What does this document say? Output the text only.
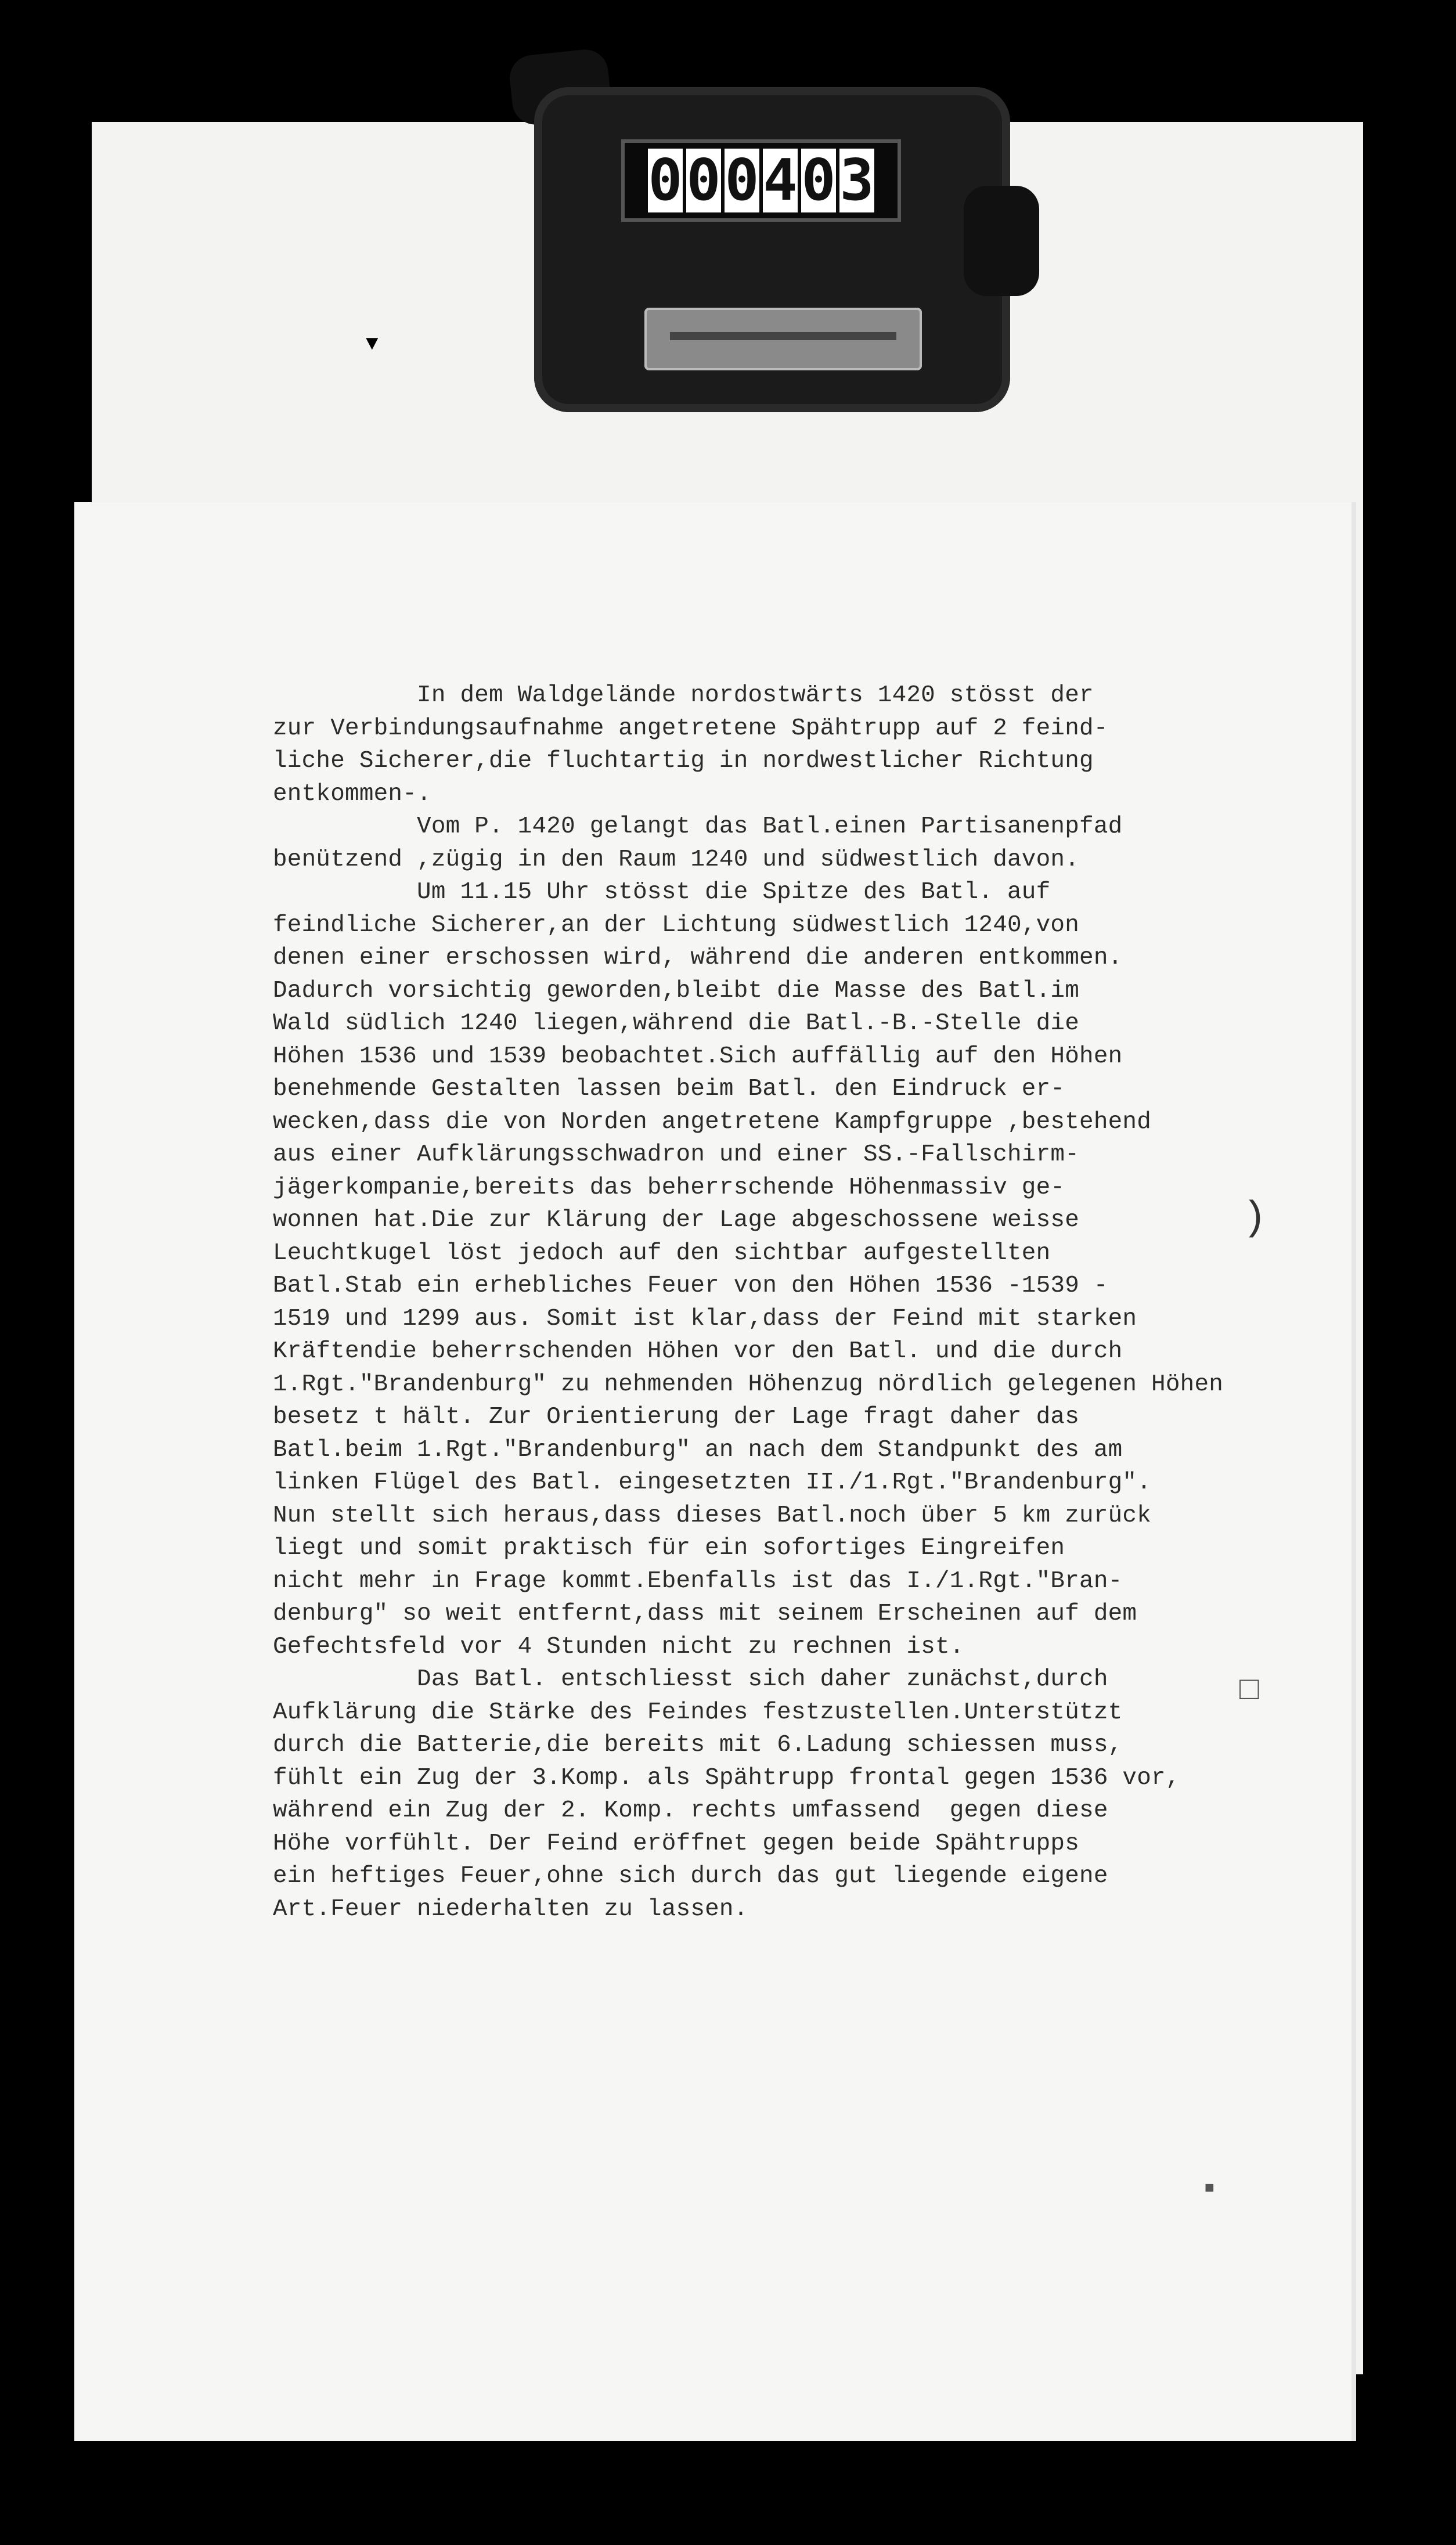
0 0 0 4 0 3
▼
In dem Waldgelände nordostwärts 1420 stösst der
zur Verbindungsaufnahme angetretene Spähtrupp auf 2 feind-
liche Sicherer,die fluchtartig in nordwestlicher Richtung
entkommen-.
Vom P. 1420 gelangt das Batl.einen Partisanenpfad
benützend ,zügig in den Raum 1240 und südwestlich davon.
Um 11.15 Uhr stösst die Spitze des Batl. auf
feindliche Sicherer,an der Lichtung südwestlich 1240,von
denen einer erschossen wird, während die anderen entkommen.
Dadurch vorsichtig geworden,bleibt die Masse des Batl.im
Wald südlich 1240 liegen,während die Batl.-B.-Stelle die
Höhen 1536 und 1539 beobachtet.Sich auffällig auf den Höhen
benehmende Gestalten lassen beim Batl. den Eindruck er-
wecken,dass die von Norden angetretene Kampfgruppe ,bestehend
aus einer Aufklärungsschwadron und einer SS.-Fallschirm-
jägerkompanie,bereits das beherrschende Höhenmassiv ge-
wonnen hat.Die zur Klärung der Lage abgeschossene weisse
Leuchtkugel löst jedoch auf den sichtbar aufgestellten
Batl.Stab ein erhebliches Feuer von den Höhen 1536 -1539 -
1519 und 1299 aus. Somit ist klar,dass der Feind mit starken
Kräftendie beherrschenden Höhen vor den Batl. und die durch
1.Rgt."Brandenburg" zu nehmenden Höhenzug nördlich gelegenen Höhen
besetz t hält. Zur Orientierung der Lage fragt daher das
Batl.beim 1.Rgt."Brandenburg" an nach dem Standpunkt des am
linken Flügel des Batl. eingesetzten II./1.Rgt."Brandenburg".
Nun stellt sich heraus,dass dieses Batl.noch über 5 km zurück
liegt und somit praktisch für ein sofortiges Eingreifen
nicht mehr in Frage kommt.Ebenfalls ist das I./1.Rgt."Bran-
denburg" so weit entfernt,dass mit seinem Erscheinen auf dem
Gefechtsfeld vor 4 Stunden nicht zu rechnen ist.
Das Batl. entschliesst sich daher zunächst,durch
Aufklärung die Stärke des Feindes festzustellen.Unterstützt
durch die Batterie,die bereits mit 6.Ladung schiessen muss,
fühlt ein Zug der 3.Komp. als Spähtrupp frontal gegen 1536 vor,
während ein Zug der 2. Komp. rechts umfassend  gegen diese
Höhe vorfühlt. Der Feind eröffnet gegen beide Spähtrupps
ein heftiges Feuer,ohne sich durch das gut liegende eigene
Art.Feuer niederhalten zu lassen.
)
□
■
